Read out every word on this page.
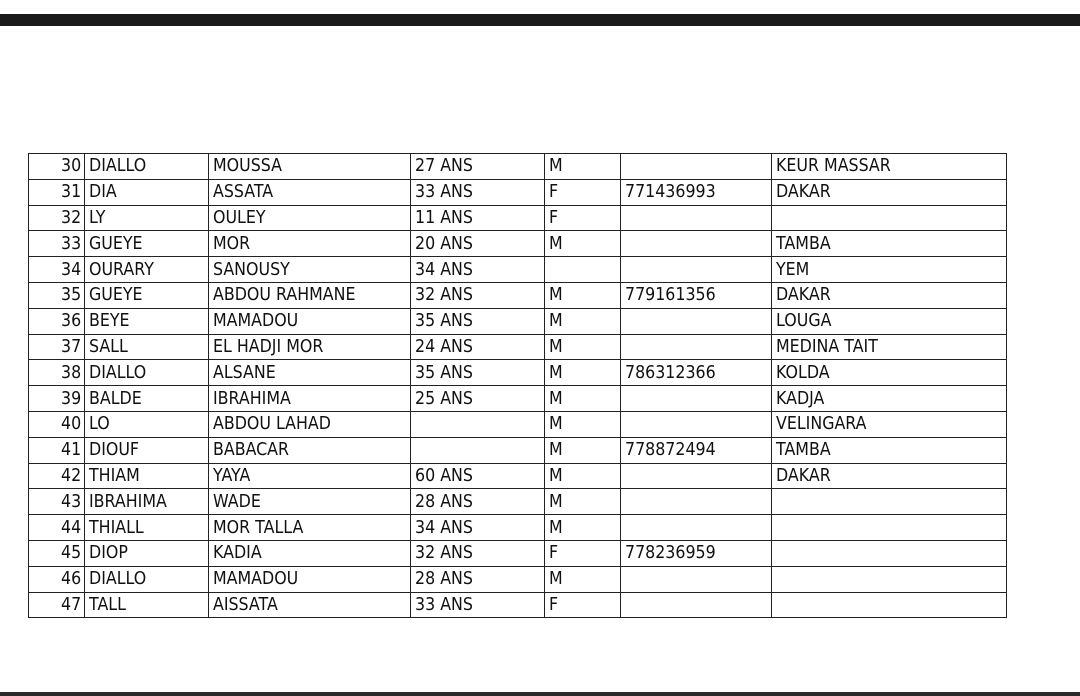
30	DIALLO	MOUSSA	27 ANS	M		KEUR MASSAR
31	DIA	ASSATA	33 ANS	F	771436993	DAKAR
32	LY	OULEY	11 ANS	F		
33	GUEYE	MOR	20 ANS	M		TAMBA
34	OURARY	SANOUSY	34 ANS			YEM
35	GUEYE	ABDOU RAHMANE	32 ANS	M	779161356	DAKAR
36	BEYE	MAMADOU	35 ANS	M		LOUGA
37	SALL	EL HADJI MOR	24 ANS	M		MEDINA TAIT
38	DIALLO	ALSANE	35 ANS	M	786312366	KOLDA
39	BALDE	IBRAHIMA	25 ANS	M		KADJA
40	LO	ABDOU LAHAD		M		VELINGARA
41	DIOUF	BABACAR		M	778872494	TAMBA
42	THIAM	YAYA	60 ANS	M		DAKAR
43	IBRAHIMA	WADE	28 ANS	M		
44	THIALL	MOR TALLA	34 ANS	M		
45	DIOP	KADIA	32 ANS	F	778236959	
46	DIALLO	MAMADOU	28 ANS	M		
47	TALL	AISSATA	33 ANS	F		
